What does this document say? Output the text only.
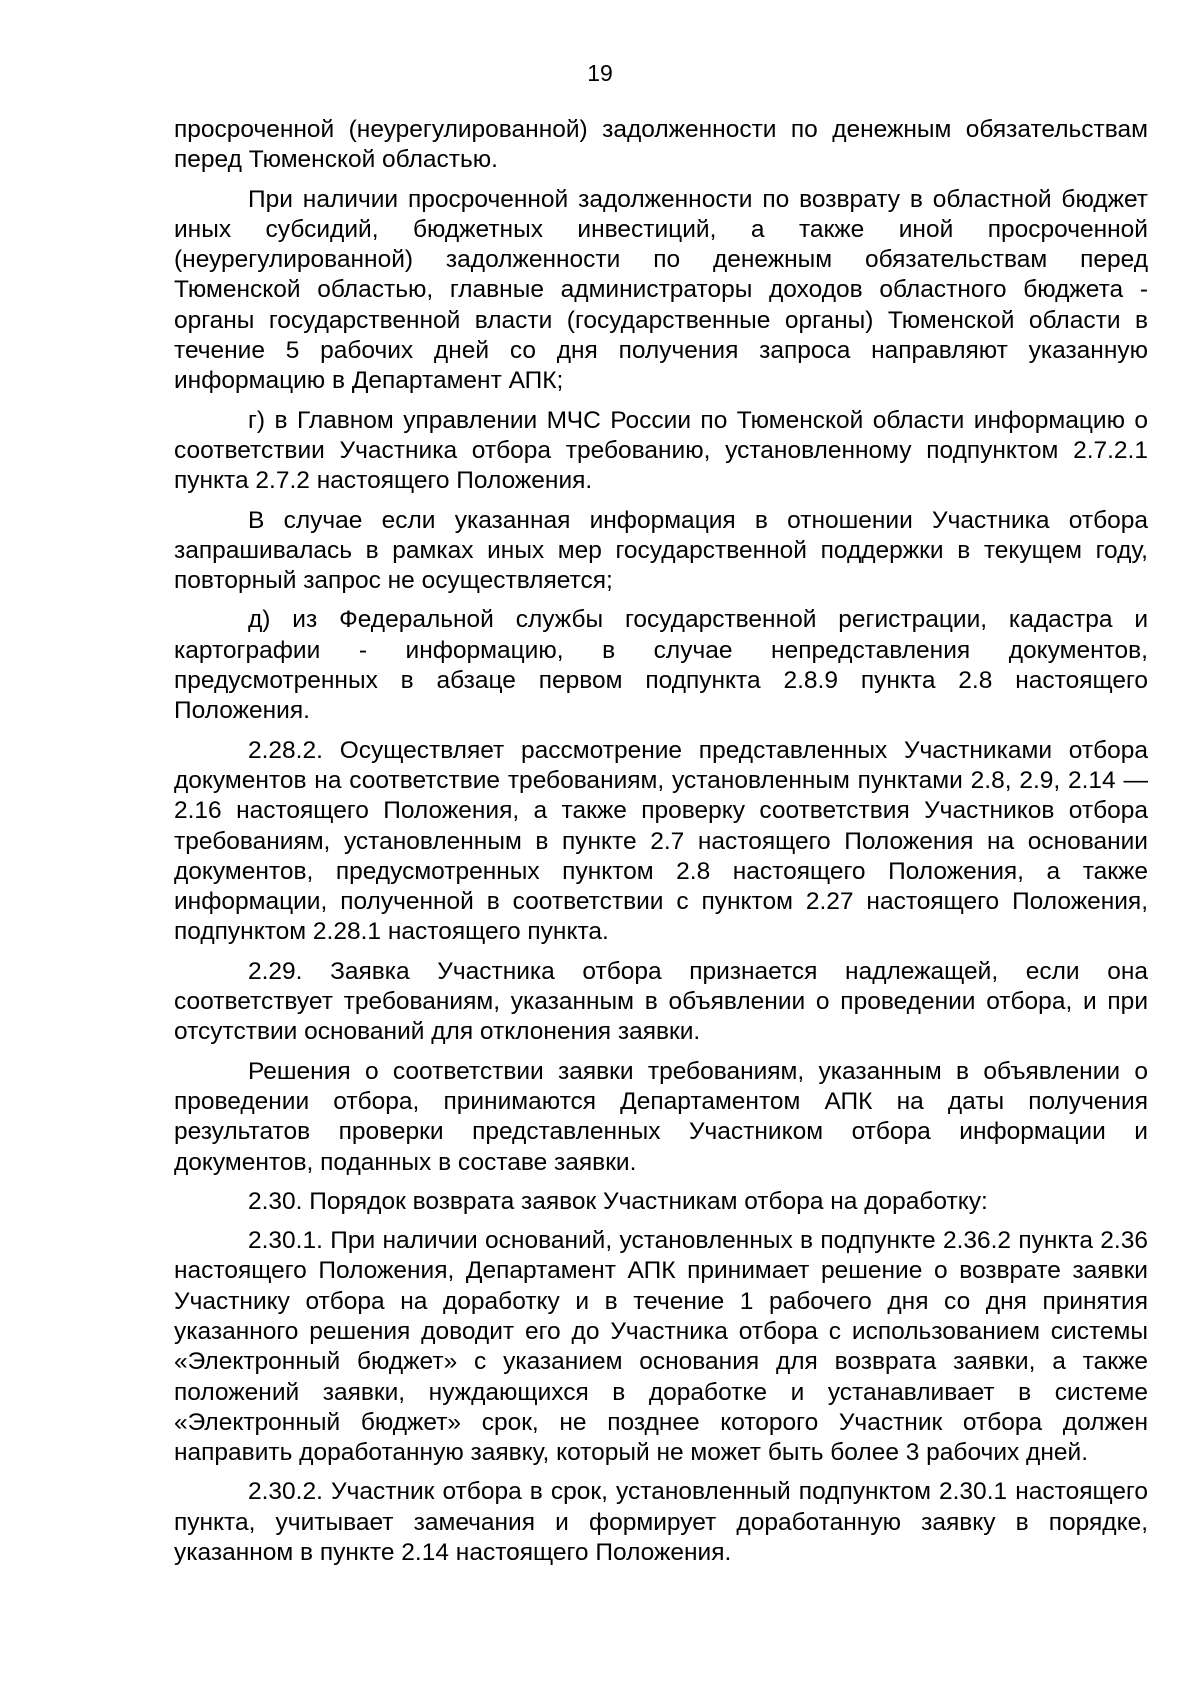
19

просроченной (неурегулированной) задолженности по денежным обязательствам перед Тюменской областью.

При наличии просроченной задолженности по возврату в областной бюджет иных субсидий, бюджетных инвестиций, а также иной просроченной (неурегулированной) задолженности по денежным обязательствам перед Тюменской областью, главные администраторы доходов областного бюджета - органы государственной власти (государственные органы) Тюменской области в течение 5 рабочих дней со дня получения запроса направляют указанную информацию в Департамент АПК;

г) в Главном управлении МЧС России по Тюменской области информацию о соответствии Участника отбора требованию, установленному подпунктом 2.7.2.1 пункта 2.7.2 настоящего Положения.

В случае если указанная информация в отношении Участника отбора запрашивалась в рамках иных мер государственной поддержки в текущем году, повторный запрос не осуществляется;

д) из Федеральной службы государственной регистрации, кадастра и картографии - информацию, в случае непредставления документов, предусмотренных в абзаце первом подпункта 2.8.9 пункта 2.8 настоящего Положения.

2.28.2. Осуществляет рассмотрение представленных Участниками отбора документов на соответствие требованиям, установленным пунктами 2.8, 2.9, 2.14 — 2.16 настоящего Положения, а также проверку соответствия Участников отбора требованиям, установленным в пункте 2.7 настоящего Положения на основании документов, предусмотренных пунктом 2.8 настоящего Положения, а также информации, полученной в соответствии с пунктом 2.27 настоящего Положения, подпунктом 2.28.1 настоящего пункта.

2.29. Заявка Участника отбора признается надлежащей, если она соответствует требованиям, указанным в объявлении о проведении отбора, и при отсутствии оснований для отклонения заявки.

Решения о соответствии заявки требованиям, указанным в объявлении о проведении отбора, принимаются Департаментом АПК на даты получения результатов проверки представленных Участником отбора информации и документов, поданных в составе заявки.

2.30. Порядок возврата заявок Участникам отбора на доработку:

2.30.1. При наличии оснований, установленных в подпункте 2.36.2 пункта 2.36 настоящего Положения, Департамент АПК принимает решение о возврате заявки Участнику отбора на доработку и в течение 1 рабочего дня со дня принятия указанного решения доводит его до Участника отбора с использованием системы «Электронный бюджет» с указанием основания для возврата заявки, а также положений заявки, нуждающихся в доработке и устанавливает в системе «Электронный бюджет» срок, не позднее которого Участник отбора должен направить доработанную заявку, который не может быть более 3 рабочих дней.

2.30.2. Участник отбора в срок, установленный подпунктом 2.30.1 настоящего пункта, учитывает замечания и формирует доработанную заявку в порядке, указанном в пункте 2.14 настоящего Положения.
